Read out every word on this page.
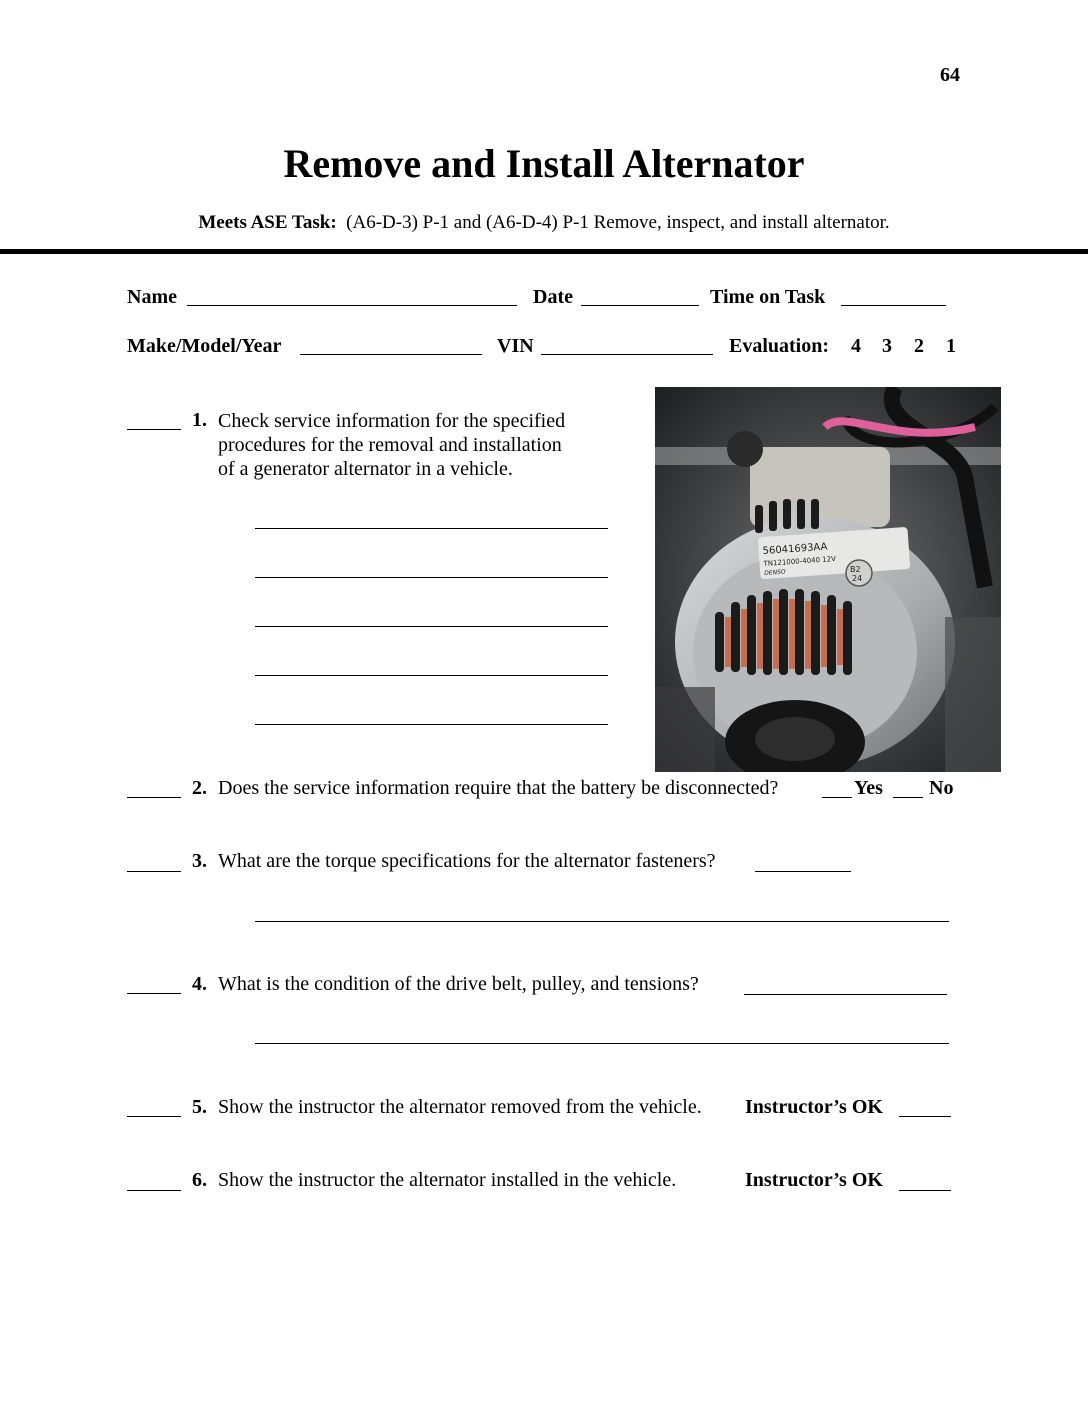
64
Remove and Install Alternator
Meets ASE Task: (A6-D-3) P-1 and (A6-D-4) P-1 Remove, inspect, and install alternator.
Name	Date	Time on Task
Make/Model/Year	VIN	Evaluation: 4 3 2 1
56041693AA
TN121000-4040 12V
DENSO	B2
24
1. Check service information for the specified
procedures for the removal and installation
of a generator alternator in a vehicle.
2. Does the service information require that the battery be disconnected?	Yes No
3. What are the torque specifications for the alternator fasteners?
4. What is the condition of the drive belt, pulley, and tensions?
5. Show the instructor the alternator removed from the vehicle. Instructor’s OK
6. Show the instructor the alternator installed in the vehicle.	Instructor’s OK
